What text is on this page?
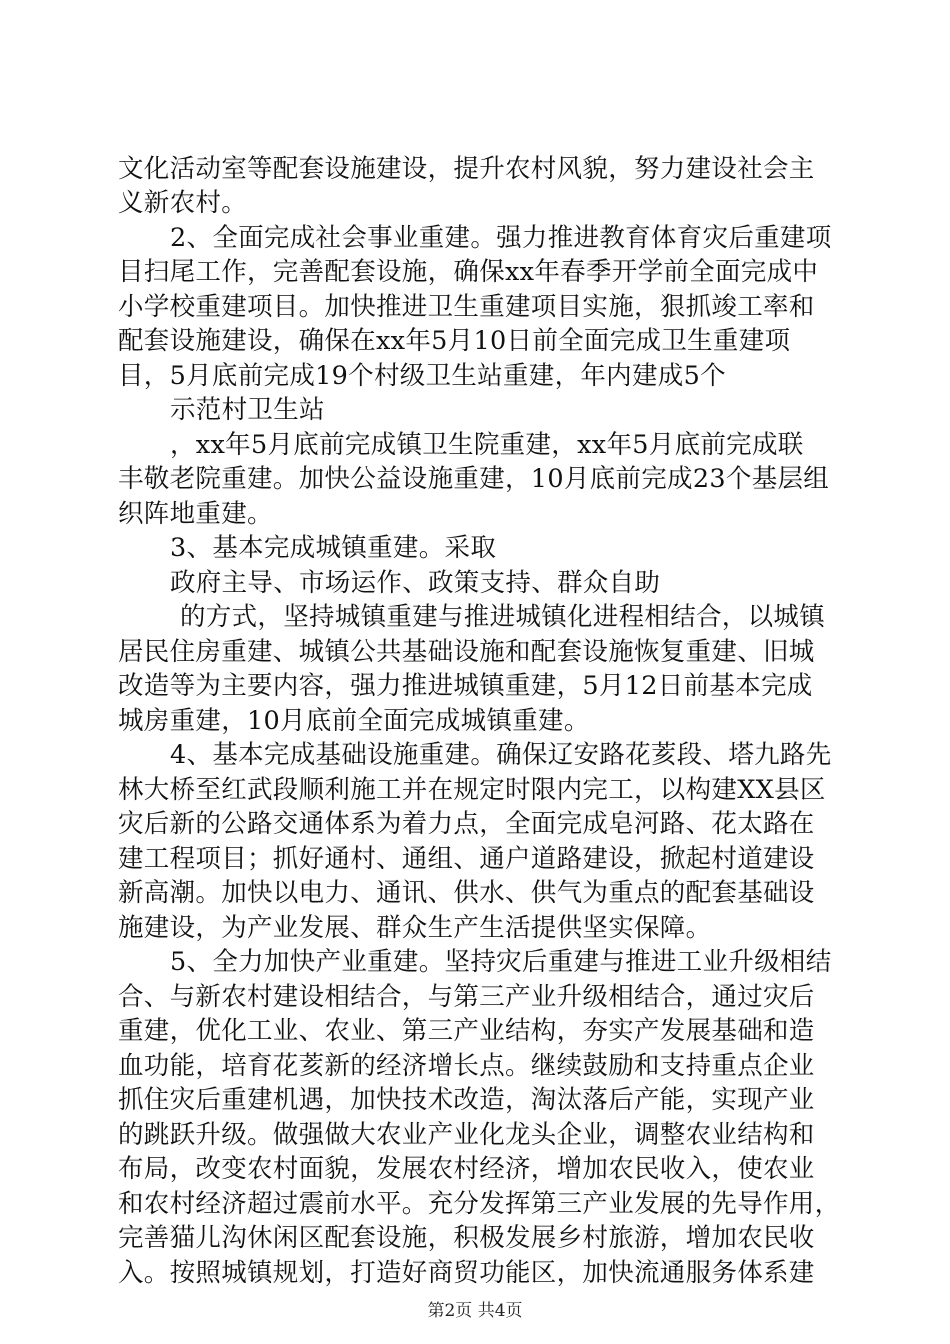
文化活动室等配套设施建设，提升农村风貌，努力建设社会主
义新农村。
2、全面完成社会事业重建。强力推进教育体育灾后重建项
目扫尾工作，完善配套设施，确保xx年春季开学前全面完成中
小学校重建项目。加快推进卫生重建项目实施，狠抓竣工率和
配套设施建设，确保在xx年5月10日前全面完成卫生重建项
目，5月底前完成19个村级卫生站重建，年内建成5个
示范村卫生站
，xx年5月底前完成镇卫生院重建，xx年5月底前完成联
丰敬老院重建。加快公益设施重建，10月底前完成23个基层组
织阵地重建。
3、基本完成城镇重建。采取
政府主导、市场运作、政策支持、群众自助
的方式，坚持城镇重建与推进城镇化进程相结合，以城镇
居民住房重建、城镇公共基础设施和配套设施恢复重建、旧城
改造等为主要内容，强力推进城镇重建，5月12日前基本完成
城房重建，10月底前全面完成城镇重建。
4、基本完成基础设施重建。确保辽安路花荄段、塔九路先
林大桥至红武段顺利施工并在规定时限内完工，以构建XX县区
灾后新的公路交通体系为着力点，全面完成皂河路、花太路在
建工程项目；抓好通村、通组、通户道路建设，掀起村道建设
新高潮。加快以电力、通讯、供水、供气为重点的配套基础设
施建设，为产业发展、群众生产生活提供坚实保障。
5、全力加快产业重建。坚持灾后重建与推进工业升级相结
合、与新农村建设相结合，与第三产业升级相结合，通过灾后
重建，优化工业、农业、第三产业结构，夯实产发展基础和造
血功能，培育花荄新的经济增长点。继续鼓励和支持重点企业
抓住灾后重建机遇，加快技术改造，淘汰落后产能，实现产业
的跳跃升级。做强做大农业产业化龙头企业，调整农业结构和
布局，改变农村面貌，发展农村经济，增加农民收入，使农业
和农村经济超过震前水平。充分发挥第三产业发展的先导作用，
完善猫儿沟休闲区配套设施，积极发展乡村旅游，增加农民收
入。按照城镇规划，打造好商贸功能区，加快流通服务体系建
第2页 共4页
